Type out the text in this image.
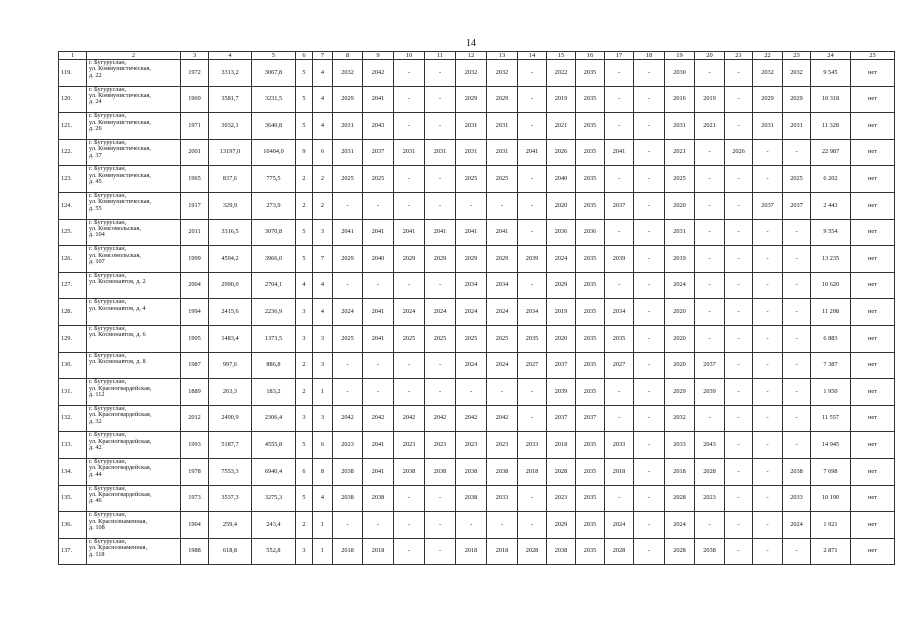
14
1	2	3	4	5	6	7	8	9	10	11	12	13	14	15	16	17	18	19	20	21	22	23	24	25
119.	г. Бугуруслан,
ул. Коммунистическая,
д. 22	1972	3313,2	3067,8	5	4	2032	2042	-	-	2032	2032	-	2022	2035	-	-	2030	-	-	2032	2032	9 545	нет
120.	г. Бугуруслан,
ул. Коммунистическая,
д. 24	1969	3581,7	3231,5	5	4	2029	2041	-	-	2029	2029	-	2019	2035	-	-	2016	2019	-	2029	2029	10 318	нет
121.	г. Бугуруслан,
ул. Коммунистическая,
д. 26	1971	3932,1	3640,8	5	4	2031	2043	-	-	2031	2031	-	2021	2035	-	-	2031	2021	-	2031	2031	11 328	нет
122.	г. Бугуруслан,
ул. Коммунистическая,
д. 37	2001	13197,0	10404,0	9	6	2031	2037	2031	2031	2031	2031	2041	2026	2035	2041	-	2021	-	2026	-	-	22 987	нет
123.	г. Бугуруслан,
ул. Коммунистическая,
д. 45	1965	837,6	775,5	2	2	2025	2025	-	-	2025	2025	-	2040	2035	-	-	2025	-	-	-	2025	6 202	нет
124.	г. Бугуруслан,
ул. Коммунистическая,
д. 55	1917	329,9	273,9	2	2	-	-	-	-	-	-	-	2020	2035	2037	-	2020	-	-	2037	2037	2 443	нет
125.	г. Бугуруслан,
ул. Комсомольская,
д. 104	2011	3316,5	3070,8	5	3	2041	2041	2041	2041	2041	2041	-	2036	2036	-	-	2031	-	-	-	-	9 554	нет
126.	г. Бугуруслан,
ул. Комсомольская,
д. 107	1999	4594,2	3966,0	5	7	2029	2040	2029	2029	2029	2029	2039	2024	2035	2039	-	2019	-	-	-	-	13 235	нет
127.	г. Бугуруслан,
ул. Космонавтов, д. 2	2004	2990,0	2704,1	4	4	-	-	-	-	2034	2034	-	2029	2035	-	-	2024	-	-	-	-	10 620	нет
128.	г. Бугуруслан,
ул. Космонавтов, д. 4	1994	2415,6	2236,9	3	4	2024	2041	2024	2024	2024	2024	2034	2019	2035	2034	-	2020	-	-	-	-	11 208	нет
129.	г. Бугуруслан,
ул. Космонавтов, д. 6	1995	1483,4	1373,5	3	3	2025	2041	2025	2025	2025	2025	2035	2020	2035	2035	-	2020	-	-	-	-	6 883	нет
130.	г. Бугуруслан,
ул. Космонавтов, д. 8	1987	997,6	886,8	2	3	-	-	-	-	2024	2024	2027	2037	2035	2027	-	2020	2037	-	-	-	7 387	нет
131.	г. Бугуруслан,
ул. Красногвардейская,
д. 112	1889	263,3	183,2	2	1	-	-	-	-	-	-	-	2039	2035	-	-	2029	2039	-	-	-	1 950	нет
132.	г. Бугуруслан,
ул. Красногвардейская,
д. 32	2012	2490,9	2306,4	3	3	2042	2042	2042	2042	2042	2042	-	2037	2037	-	-	2032	-	-	-	-	11 557	нет
133.	г. Бугуруслан,
ул. Красногвардейская,
д. 42	1993	5187,7	4555,8	5	6	2023	2041	2023	2023	2023	2023	2033	2018	2035	2033	-	2033	2043	-	-	-	14 945	нет
134.	г. Бугуруслан,
ул. Красногвардейская,
д. 44	1978	7553,3	6940,4	6	8	2038	2041	2038	2038	2038	2038	2018	2028	2035	2018	-	2018	2028	-	-	2038	7 698	нет
135.	г. Бугуруслан,
ул. Красногвардейская,
д. 46	1973	3537,3	3275,3	5	4	2038	2038	-	-	2038	2033	-	2023	2035	-	-	2028	2023	-	-	2033	10 190	нет
136.	г. Бугуруслан,
ул. Краснознаменная,
д. 108	1904	259,4	243,4	2	1	-	-	-	-	-	-	-	2029	2035	2024	-	2024	-	-	-	2024	1 921	нет
137.	г. Бугуруслан,
ул. Краснознаменная,
д. 118	1988	618,8	552,8	3	1	2018	2018	-	-	2018	2018	2028	2038	2035	2028	-	2028	2038	-	-	-	2 871	нет
